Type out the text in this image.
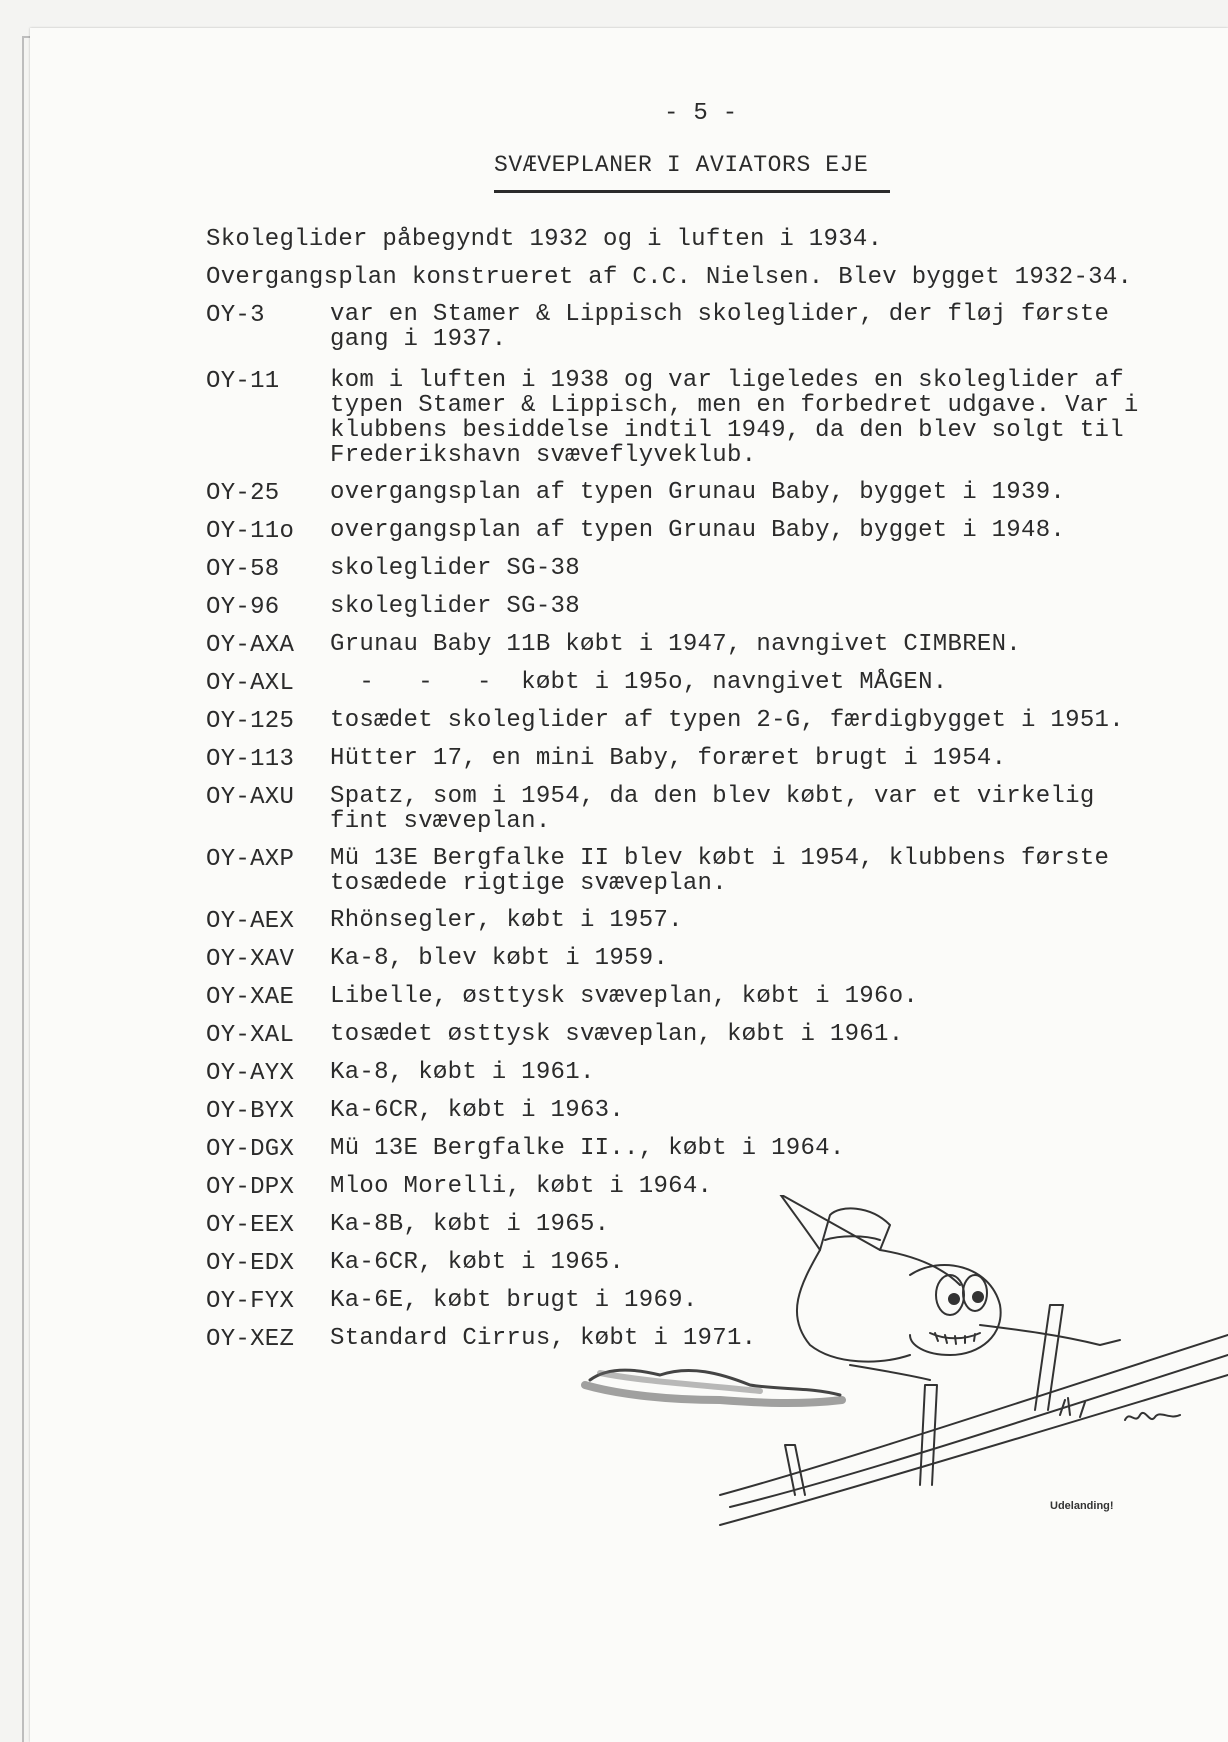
- 5 -
SVÆVEPLANER I AVIATORS EJE
Skoleglider påbegyndt 1932 og i luften i 1934.
Overgangsplan konstrueret af C.C. Nielsen. Blev bygget 1932-34.
OY-3	var en Stamer & Lippisch skoleglider, der fløj første gang i 1937.
OY-11	kom i luften i 1938 og var ligeledes en skoleglider af typen Stamer & Lippisch, men en forbedret udgave. Var i klubbens besiddelse indtil 1949, da den blev solgt til Frederikshavn svæveflyveklub.
OY-25	overgangsplan af typen Grunau Baby, bygget i 1939.
OY-11o	overgangsplan af typen Grunau Baby, bygget i 1948.
OY-58	skoleglider SG-38
OY-96	skoleglider SG-38
OY-AXA	Grunau Baby 11B købt i 1947, navngivet CIMBREN.
OY-AXL	-   -   -  købt i 195o, navngivet MÅGEN.
OY-125	tosædet skoleglider af typen 2-G, færdigbygget i 1951.
OY-113	Hütter 17, en mini Baby, foræret brugt i 1954.
OY-AXU	Spatz, som i 1954, da den blev købt, var et virkelig fint svæveplan.
OY-AXP	Mü 13E Bergfalke II blev købt i 1954, klubbens første tosædede rigtige svæveplan.
OY-AEX	Rhönsegler, købt i 1957.
OY-XAV	Ka-8, blev købt i 1959.
OY-XAE	Libelle, østtysk svæveplan, købt i 196o.
OY-XAL	tosædet østtysk svæveplan, købt i 1961.
OY-AYX	Ka-8, købt i 1961.
OY-BYX	Ka-6CR, købt i 1963.
OY-DGX	Mü 13E Bergfalke II.., købt i 1964.
OY-DPX	Mloo Morelli, købt i 1964.
OY-EEX	Ka-8B, købt i 1965.
OY-EDX	Ka-6CR, købt i 1965.
OY-FYX	Ka-6E, købt brugt i 1969.
OY-XEZ	Standard Cirrus, købt i 1971.
Udelanding!
